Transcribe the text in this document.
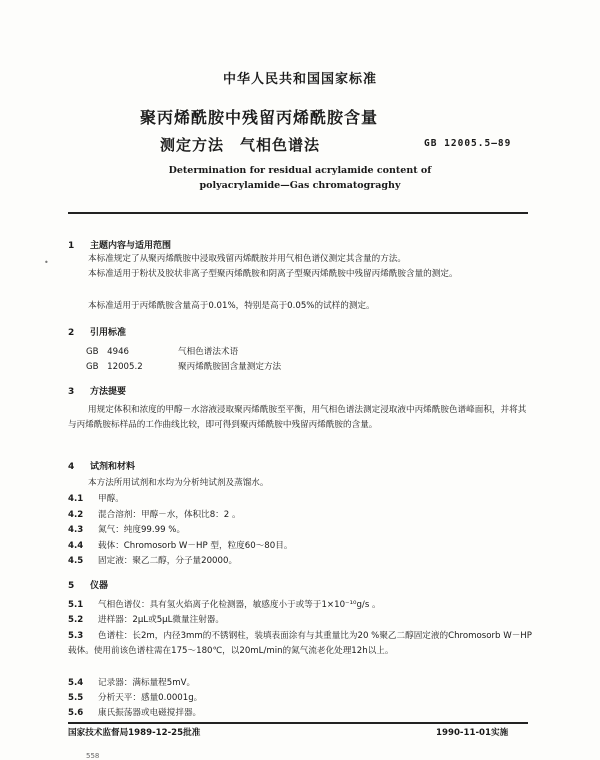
中华人民共和国国家标准
聚丙烯酰胺中残留丙烯酰胺含量
测定方法　气相色谱法	GB 12005.5—89
Determination for residual acrylamide content of
polyacrylamide—Gas chromatograghy
1 主题内容与适用范围
•	本标准规定了从聚丙烯酰胺中浸取残留丙烯酰胺并用气相色谱仪测定其含量的方法。
本标准适用于粉状及胶状非离子型聚丙烯酰胺和阴离子型聚丙烯酰胺中残留丙烯酰胺含量的测定。
本标准适用于丙烯酰胺含量高于0.01%，特别是高于0.05%的试样的测定。
2 引用标准
GB　4946	气相色谱法术语
GB　12005.2	聚丙烯酰胺固含量测定方法
3 方法提要
用规定体积和浓度的甲醇－水溶液浸取聚丙烯酰胺至平衡，用气相色谱法测定浸取液中丙烯酰胺色谱峰面积，并将其与丙烯酰胺标样品的工作曲线比较，即可得到聚丙烯酰胺中残留丙烯酰胺的含量。
4 试剂和材料
本方法所用试剂和水均为分析纯试剂及蒸馏水。
4.1 甲醇。
4.2 混合溶剂：甲醇－水，体积比8：2 。
4.3 氮气：纯度99.99 %。
4.4 载体：Chromosorb W－HP 型，粒度60～80目。
4.5 固定液：聚乙二醇，分子量20000。
5 仪器
5.1 气相色谱仪：具有氢火焰离子化检测器，敏感度小于或等于1×10⁻¹⁰g/s 。
5.2 进样器：2μL或5μL微量注射器。
5.3 色谱柱：长2m，内径3mm的不锈钢柱，装填表面涂有与其重量比为20 %聚乙二醇固定液的Chromosorb W－HP载体。使用前该色谱柱需在175～180℃，以20mL/min的氮气流老化处理12h以上。
5.4 记录器：满标量程5mV。
5.5 分析天平：感量0.0001g。
5.6 康氏振荡器或电磁搅拌器。
国家技术监督局1989-12-25批准	1990-11-01实施
558
